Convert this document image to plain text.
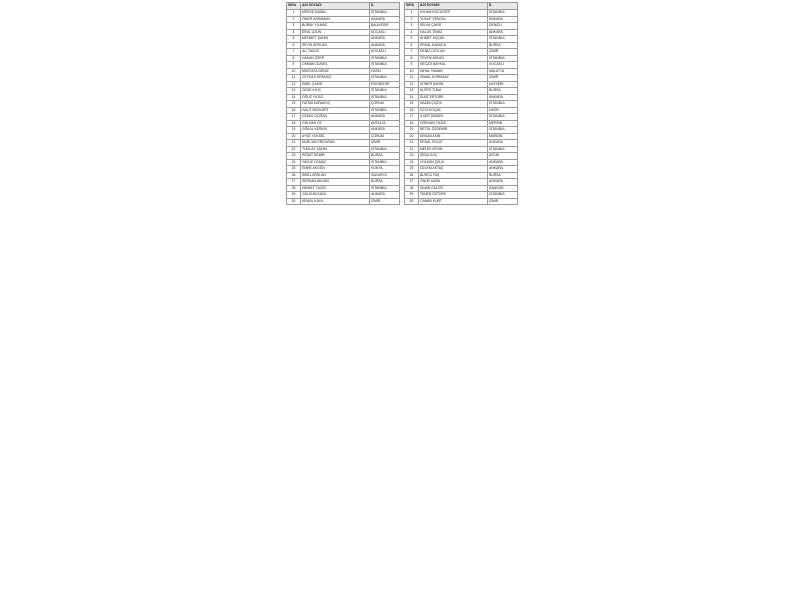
SIRA	ADI SOYADI	İL
1	MERVE KAMAL	İSTANBUL
2	ÖMER KARAMAN	ANKARA
3	BURAK YILMAZ	BALIKESİR
4	ERAL UZUN	KOCAELİ
5	MEHMET ŞAHİN	ANKARA
6	SEVGİ ARSLAN	ANKARA
7	ALİ YAVUZ	KOCAELİ
8	HAKAN ÖZER	İSTANBUL
9	OSMAN GÜNEŞ	İSTANBUL
10	MUSTAFA DENİZ	HATAY
11	CEYDA KORKMAZ	İSTANBUL
12	EMEL ÇAKIR	ESKİŞEHİR
13	ÖZGE KILIÇ	İSTANBUL
14	OĞUZ YILDIZ	İSTANBUL
15	FATMA KARAKOÇ	ÇORUM
16	HALİT BOZKURT	İSTANBUL
17	CEMAL DOĞAN	ANKARA
18	GÜLHAN ÖZ	ANTALYA
19	GÖKAL KESKİN	ANKARA
20	AYŞE YÜKSEL	ÇORUM
21	NURCAN ERDOĞAN	İZMİR
22	TUNCAY ŞAHİN	İSTANBUL
23	REŞAT DEMİR	BURSA
24	YAVUZ YILMAZ	İSTANBUL
25	EMRE AKGÜN	KONYA
26	SİBEL ARSLAN	SAKARYA
27	SERKAN AKGÜN	BURSA
28	HİKMET YAZICI	İSTANBUL
29	GÜLSÜM KAYA	ANKARA
30	KEMAL KAYA	İZMİR
SIRA	ADI SOYADI	İL
1	AYHAN KOCAYİĞİT	İSTANBUL
2	YUSUF ŞENGÜL	ANKARA
3	SELİM ÇAKIR	DENİZLİ
4	HALUK TEMİZ	ANKARA
5	AHMET KÜÇÜK	İSTANBUL
6	ERKAL KARACA	BURSA
7	DENİZ CEYLAN	İZMİR
8	TEVFİK ASLAN	İSTANBUL
9	NECATİ BAYKAL	KOCAELİ
10	NİHAL YAMAN	MALATYA
11	İSMAİL KORKMAZ	İZMİR
12	SONER ŞAHİN	KAYSERİ
13	ALPER TUNA	BURSA
14	SUAT ERTÜRK	ANKARA
15	NAZMİ ÇİÇEK	İSTANBUL
16	EZGİ KOÇAK	HATAY
17	İLKER ŞİMŞEK	İSTANBUL
18	GÖKHAN YILDIZ	MERSİN
19	BETÜL ÖZDEMİR	İSTANBUL
20	KENAN AKIN	MARDİN
21	ERDAL POLAT	ANKARA
22	MELEK AYDIN	İSTANBUL
23	SEDA KOÇ	AYDIN
24	VOLKAN ÇELİK	ANKARA
25	ÖZLEM AKTAŞ	ANKARA
26	BURCU TAŞ	BURSA
27	ONUR KARA	ANKARA
28	SİNAN GÜLER	SAMSUN
29	TANER ÖZTÜRK	İSTANBUL
30	CANAN KURT	İZMİR
